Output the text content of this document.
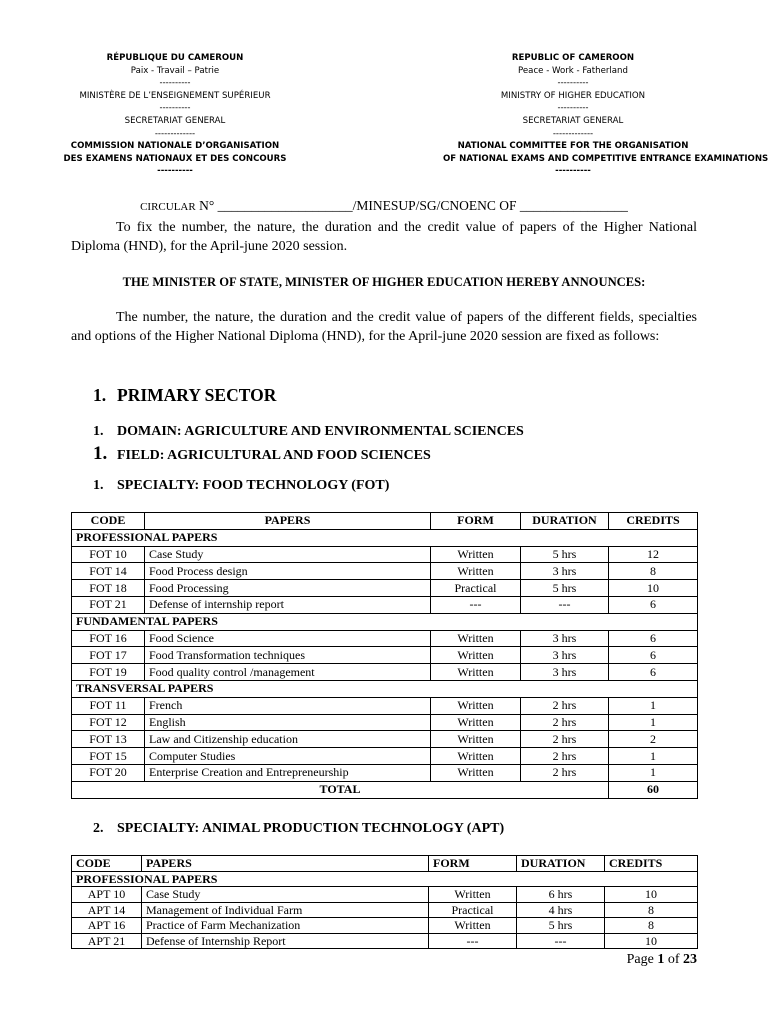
RÉPUBLIQUE DU CAMEROUN
Paix - Travail – Patrie
----------
MINISTÈRE DE L’ENSEIGNEMENT SUPÉRIEUR
----------
SECRETARIAT GENERAL
-------------
COMMISSION NATIONALE D’ORGANISATION
DES EXAMENS NATIONAUX ET DES CONCOURS
----------
REPUBLIC OF CAMEROON
Peace - Work - Fatherland
----------
MINISTRY OF HIGHER EDUCATION
----------
SECRETARIAT GENERAL
-------------
NATIONAL COMMITTEE FOR THE ORGANISATION
OF NATIONAL EXAMS AND COMPETITIVE ENTRANCE EXAMINATIONS
----------
CIRCULAR N° ____________________/MINESUP/SG/CNOENC OF ________________
To fix the number, the nature, the duration and the credit value of papers of the Higher National Diploma (HND), for the April-june 2020 session.
THE MINISTER OF STATE, MINISTER OF HIGHER EDUCATION HEREBY ANNOUNCES:
The number, the nature, the duration and the credit value of papers of the different fields, specialties and options of the Higher National Diploma (HND), for the April-june 2020 session are fixed as follows:
1. PRIMARY SECTOR
1. DOMAIN: AGRICULTURE AND ENVIRONMENTAL SCIENCES
1. FIELD: AGRICULTURAL AND FOOD SCIENCES
1. SPECIALTY: FOOD TECHNOLOGY (FOT)
CODE	PAPERS	FORM	DURATION	CREDITS
PROFESSIONAL PAPERS				
FOT 10	Case Study	Written	5 hrs	12
FOT 14	Food Process design	Written	3 hrs	8
FOT 18	Food Processing	Practical	5 hrs	10
FOT 21	Defense of internship report	---	---	6
FUNDAMENTAL PAPERS				
FOT 16	Food Science	Written	3 hrs	6
FOT 17	Food Transformation techniques	Written	3 hrs	6
FOT 19	Food quality control /management	Written	3 hrs	6
TRANSVERSAL PAPERS				
FOT 11	French	Written	2 hrs	1
FOT 12	English	Written	2 hrs	1
FOT 13	Law and Citizenship education	Written	2 hrs	2
FOT 15	Computer Studies	Written	2 hrs	1
FOT 20	Enterprise Creation and Entrepreneurship	Written	2 hrs	1
TOTAL				60
2. SPECIALTY: ANIMAL PRODUCTION TECHNOLOGY (APT)
CODE	PAPERS	FORM	DURATION	CREDITS
PROFESSIONAL PAPERS				
APT 10	Case Study	Written	6 hrs	10
APT 14	Management of Individual Farm	Practical	4 hrs	8
APT 16	Practice of Farm Mechanization	Written	5 hrs	8
APT 21	Defense of Internship Report	---	---	10
Page 1 of 23
